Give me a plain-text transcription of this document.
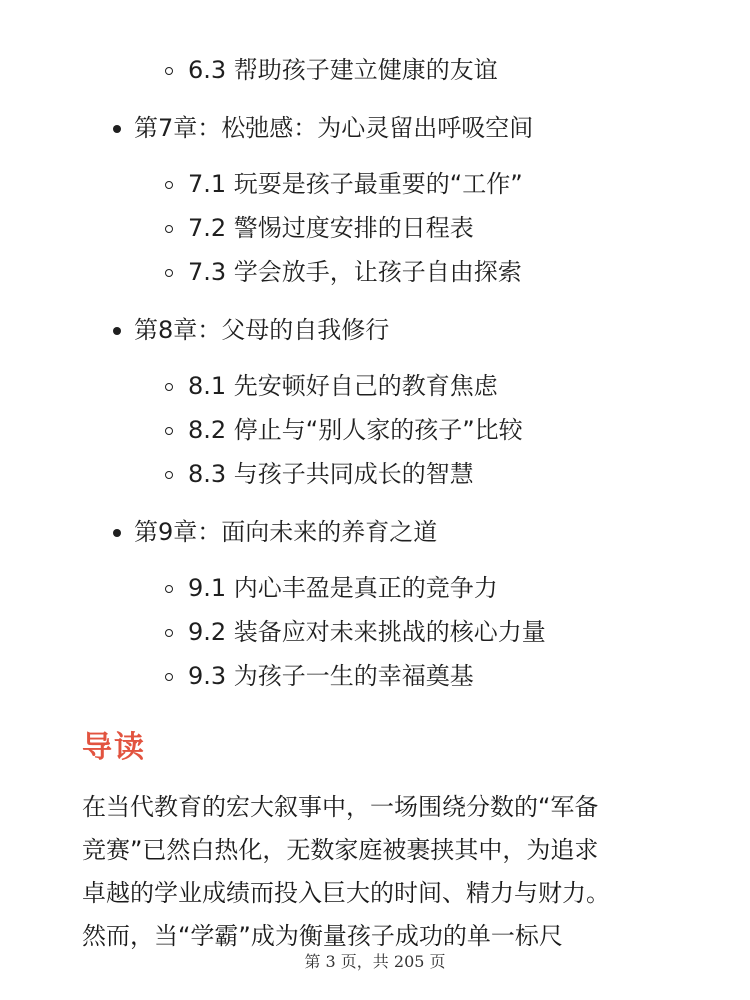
6.3 帮助孩子建立健康的友谊
第7章：松弛感：为心灵留出呼吸空间
7.1 玩耍是孩子最重要的“工作”
7.2 警惕过度安排的日程表
7.3 学会放手，让孩子自由探索
第8章：父母的自我修行
8.1 先安顿好自己的教育焦虑
8.2 停止与“别人家的孩子”比较
8.3 与孩子共同成长的智慧
第9章：面向未来的养育之道
9.1 内心丰盈是真正的竞争力
9.2 装备应对未来挑战的核心力量
9.3 为孩子一生的幸福奠基
导读
在当代教育的宏大叙事中，一场围绕分数的“军备
竞赛”已然白热化，无数家庭被裹挟其中，为追求
卓越的学业成绩而投入巨大的时间、精力与财力。
然而，当“学霸”成为衡量孩子成功的单一标尺
第 3 页，共 205 页
